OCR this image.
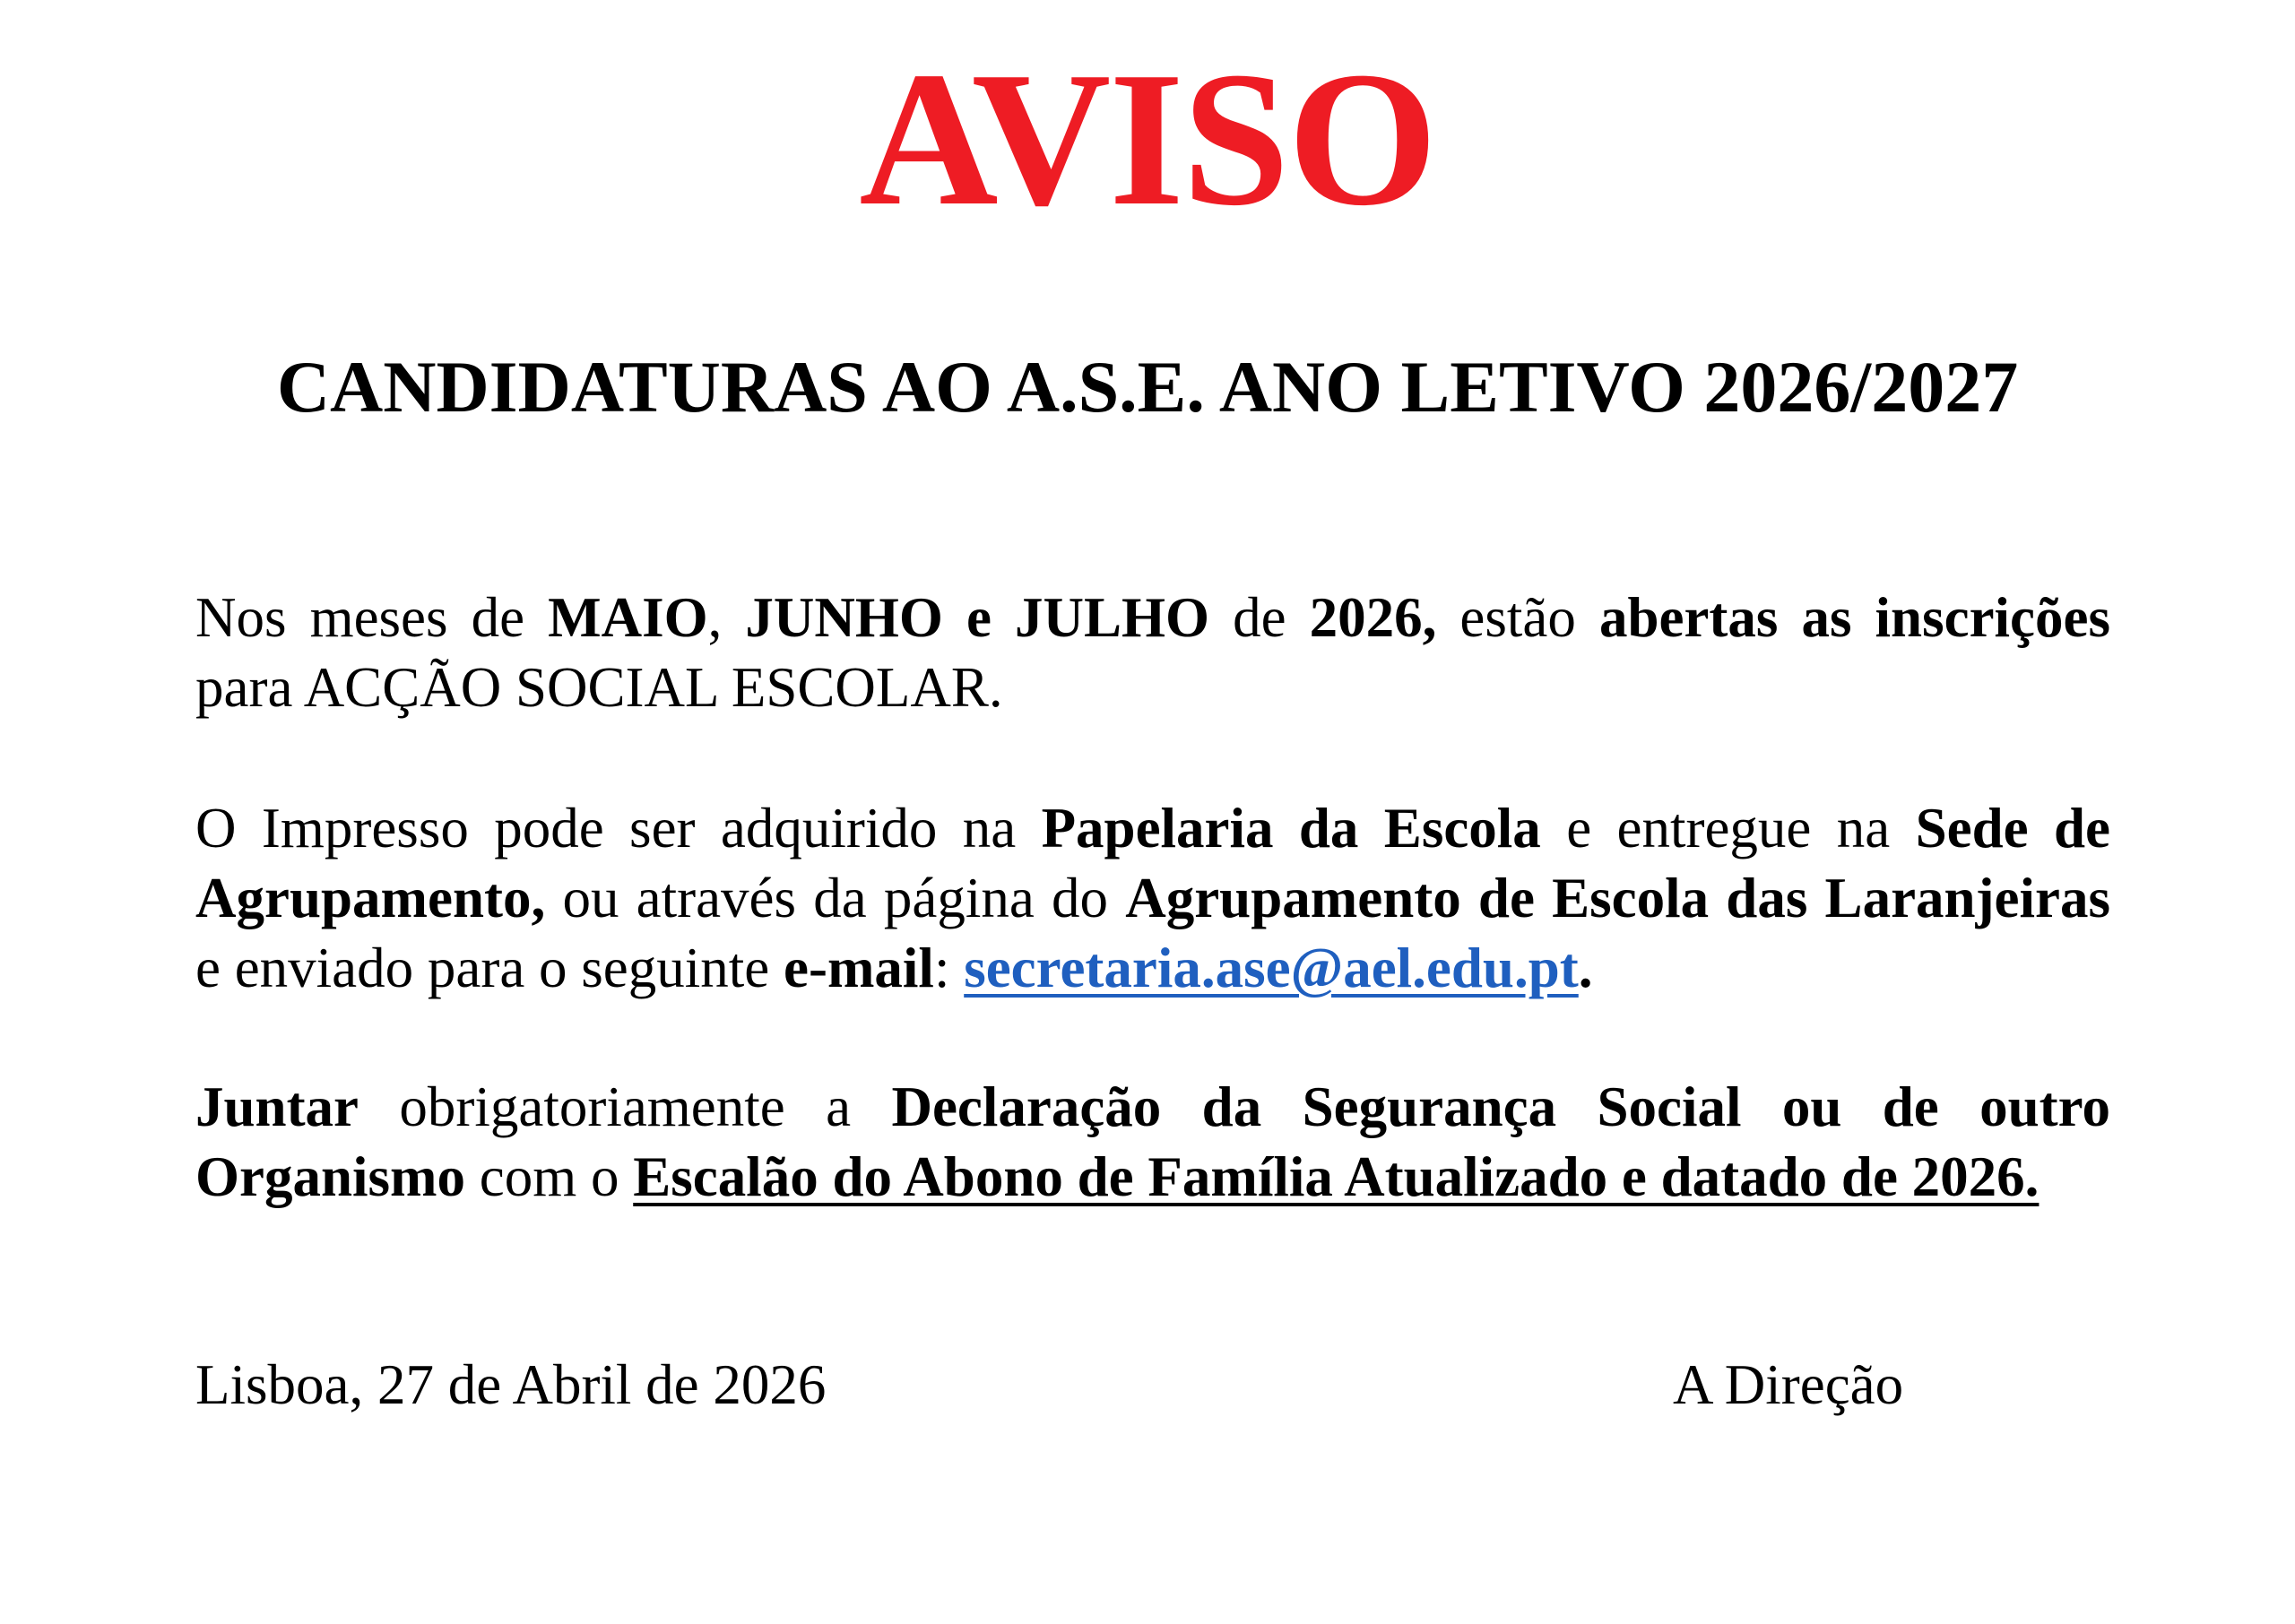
AVISO
CANDIDATURAS AO A.S.E. ANO LETIVO 2026/2027
Nos meses de MAIO, JUNHO e JULHO de 2026, estão abertas as inscrições para ACÇÃO SOCIAL ESCOLAR.
O Impresso pode ser adquirido na Papelaria da Escola e entregue na Sede de Agrupamento, ou através da página do Agrupamento de Escola das Laranjeiras e enviado para o seguinte e-mail: secretaria.ase@ael.edu.pt.
Juntar obrigatoriamente a Declaração da Segurança Social ou de outro Organismo com o Escalão do Abono de Família Atualizado e datado de 2026.
Lisboa, 27 de Abril de 2026	A Direção
